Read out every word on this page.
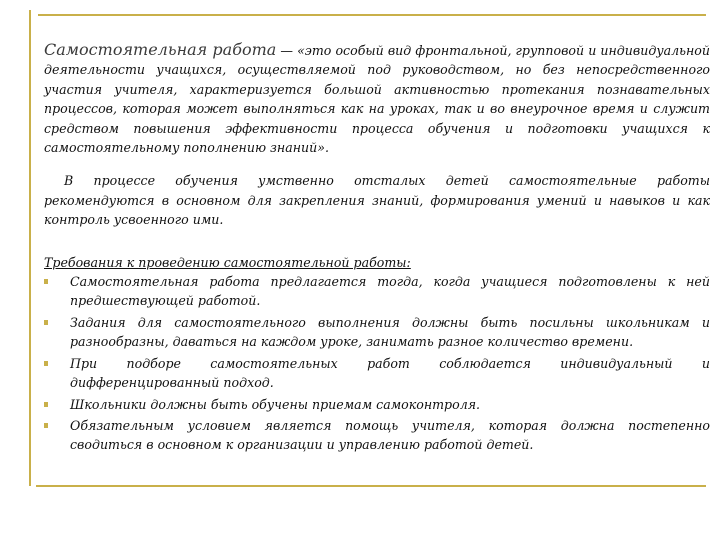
Самостоятельная работа — «это особый вид фронтальной, групповой и индивидуальной деятельности учащихся, осуществляемой под руководством, но без непосредственного участия учителя, характеризуется большой активностью протекания познавательных процессов, которая может выполняться как на уроках, так и во внеурочное время и служит средством повышения эффективности процесса обучения и подготовки учащихся к самостоятельному пополнению знаний».

В процессе обучения умственно отсталых детей самостоятельные работы рекомендуются в основном для закрепления знаний, формирования умений и навыков и как контроль усвоенного ими.

Требования к проведению самостоятельной работы:
Самостоятельная работа предлагается тогда, когда учащиеся подготовлены к ней предшествующей работой.
Задания для самостоятельного выполнения должны быть посильны школьникам и разнообразны, даваться на каждом уроке, занимать разное количество времени.
При подборе самостоятельных работ соблюдается индивидуальный и дифференцированный подход.
Школьники должны быть обучены приемам самоконтроля.
Обязательным условием является помощь учителя, которая должна постепенно сводиться в основном к организации и управлению работой детей.
